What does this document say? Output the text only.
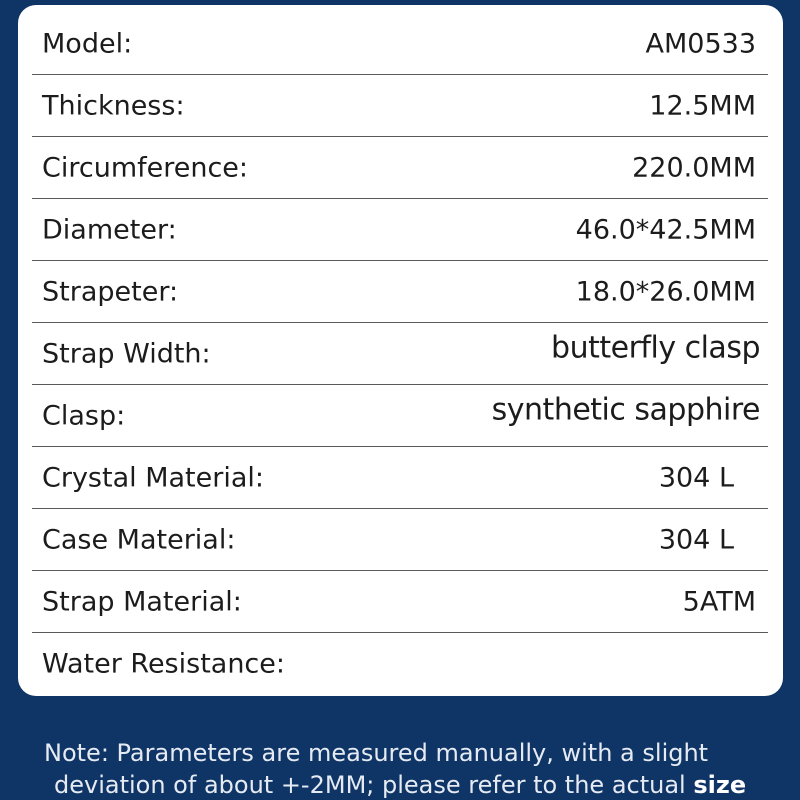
Model:	AM0533
Thickness:	12.5MM
Circumference:	220.0MM
Diameter:	46.0*42.5MM
Strapeter:	18.0*26.0MM
Strap Width:	butterfly clasp
Clasp:	synthetic sapphire
Crystal Material:	304 L
Case Material:	304 L
Strap Material:	5ATM
Water Resistance:
Note: Parameters are measured manually, with a slight
deviation of about +-2MM; please refer to the actual size
